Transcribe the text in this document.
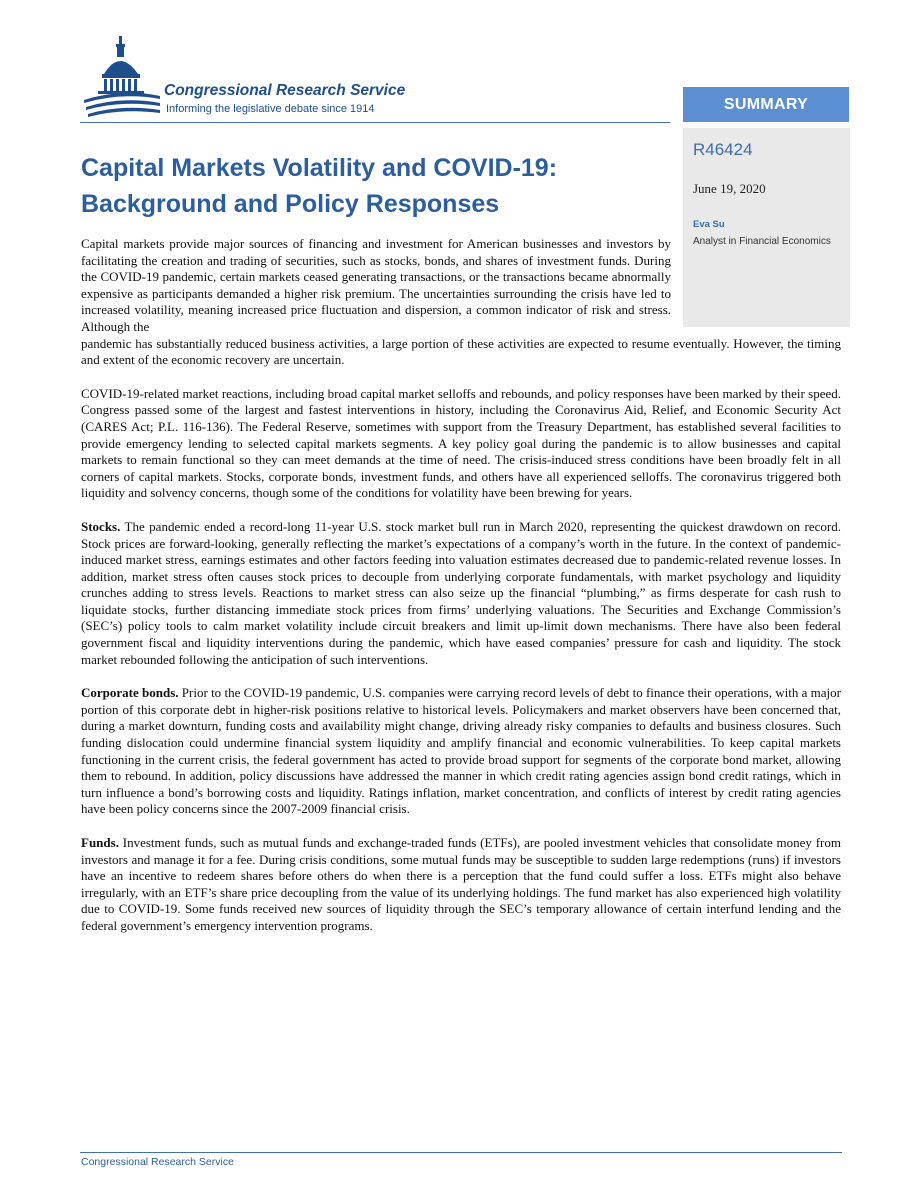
Congressional Research Service
Informing the legislative debate since 1914	SUMMARY
R46424
June 19, 2020
Eva Su
Analyst in Financial Economics
Capital Markets Volatility and COVID-19:
Background and Policy Responses

Capital markets provide major sources of financing and investment for American businesses and investors by facilitating the creation and trading of securities, such as stocks, bonds, and shares of investment funds. During the COVID-19 pandemic, certain markets ceased generating transactions, or the transactions became abnormally expensive as participants demanded a higher risk premium. The uncertainties surrounding the crisis have led to increased volatility, meaning increased price fluctuation and dispersion, a common indicator of risk and stress. Although the

pandemic has substantially reduced business activities, a large portion of these activities are expected to resume eventually. However, the timing and extent of the economic recovery are uncertain.

COVID-19-related market reactions, including broad capital market selloffs and rebounds, and policy responses have been marked by their speed. Congress passed some of the largest and fastest interventions in history, including the Coronavirus Aid, Relief, and Economic Security Act (CARES Act; P.L. 116-136). The Federal Reserve, sometimes with support from the Treasury Department, has established several facilities to provide emergency lending to selected capital markets segments. A key policy goal during the pandemic is to allow businesses and capital markets to remain functional so they can meet demands at the time of need. The crisis-induced stress conditions have been broadly felt in all corners of capital markets. Stocks, corporate bonds, investment funds, and others have all experienced selloffs. The coronavirus triggered both liquidity and solvency concerns, though some of the conditions for volatility have been brewing for years.

Stocks. The pandemic ended a record-long 11-year U.S. stock market bull run in March 2020, representing the quickest drawdown on record. Stock prices are forward-looking, generally reflecting the market’s expectations of a company’s worth in the future. In the context of pandemic-induced market stress, earnings estimates and other factors feeding into valuation estimates decreased due to pandemic-related revenue losses. In addition, market stress often causes stock prices to decouple from underlying corporate fundamentals, with market psychology and liquidity crunches adding to stress levels. Reactions to market stress can also seize up the financial “plumbing,” as firms desperate for cash rush to liquidate stocks, further distancing immediate stock prices from firms’ underlying valuations. The Securities and Exchange Commission’s (SEC’s) policy tools to calm market volatility include circuit breakers and limit up-limit down mechanisms. There have also been federal government fiscal and liquidity interventions during the pandemic, which have eased companies’ pressure for cash and liquidity. The stock market rebounded following the anticipation of such interventions.

Corporate bonds. Prior to the COVID-19 pandemic, U.S. companies were carrying record levels of debt to finance their operations, with a major portion of this corporate debt in higher-risk positions relative to historical levels. Policymakers and market observers have been concerned that, during a market downturn, funding costs and availability might change, driving already risky companies to defaults and business closures. Such funding dislocation could undermine financial system liquidity and amplify financial and economic vulnerabilities. To keep capital markets functioning in the current crisis, the federal government has acted to provide broad support for segments of the corporate bond market, allowing them to rebound. In addition, policy discussions have addressed the manner in which credit rating agencies assign bond credit ratings, which in turn influence a bond’s borrowing costs and liquidity. Ratings inflation, market concentration, and conflicts of interest by credit rating agencies have been policy concerns since the 2007-2009 financial crisis.

Funds. Investment funds, such as mutual funds and exchange-traded funds (ETFs), are pooled investment vehicles that consolidate money from investors and manage it for a fee. During crisis conditions, some mutual funds may be susceptible to sudden large redemptions (runs) if investors have an incentive to redeem shares before others do when there is a perception that the fund could suffer a loss. ETFs might also behave irregularly, with an ETF’s share price decoupling from the value of its underlying holdings. The fund market has also experienced high volatility due to COVID-19. Some funds received new sources of liquidity through the SEC’s temporary allowance of certain interfund lending and the federal government’s emergency intervention programs.

Congressional Research Service
